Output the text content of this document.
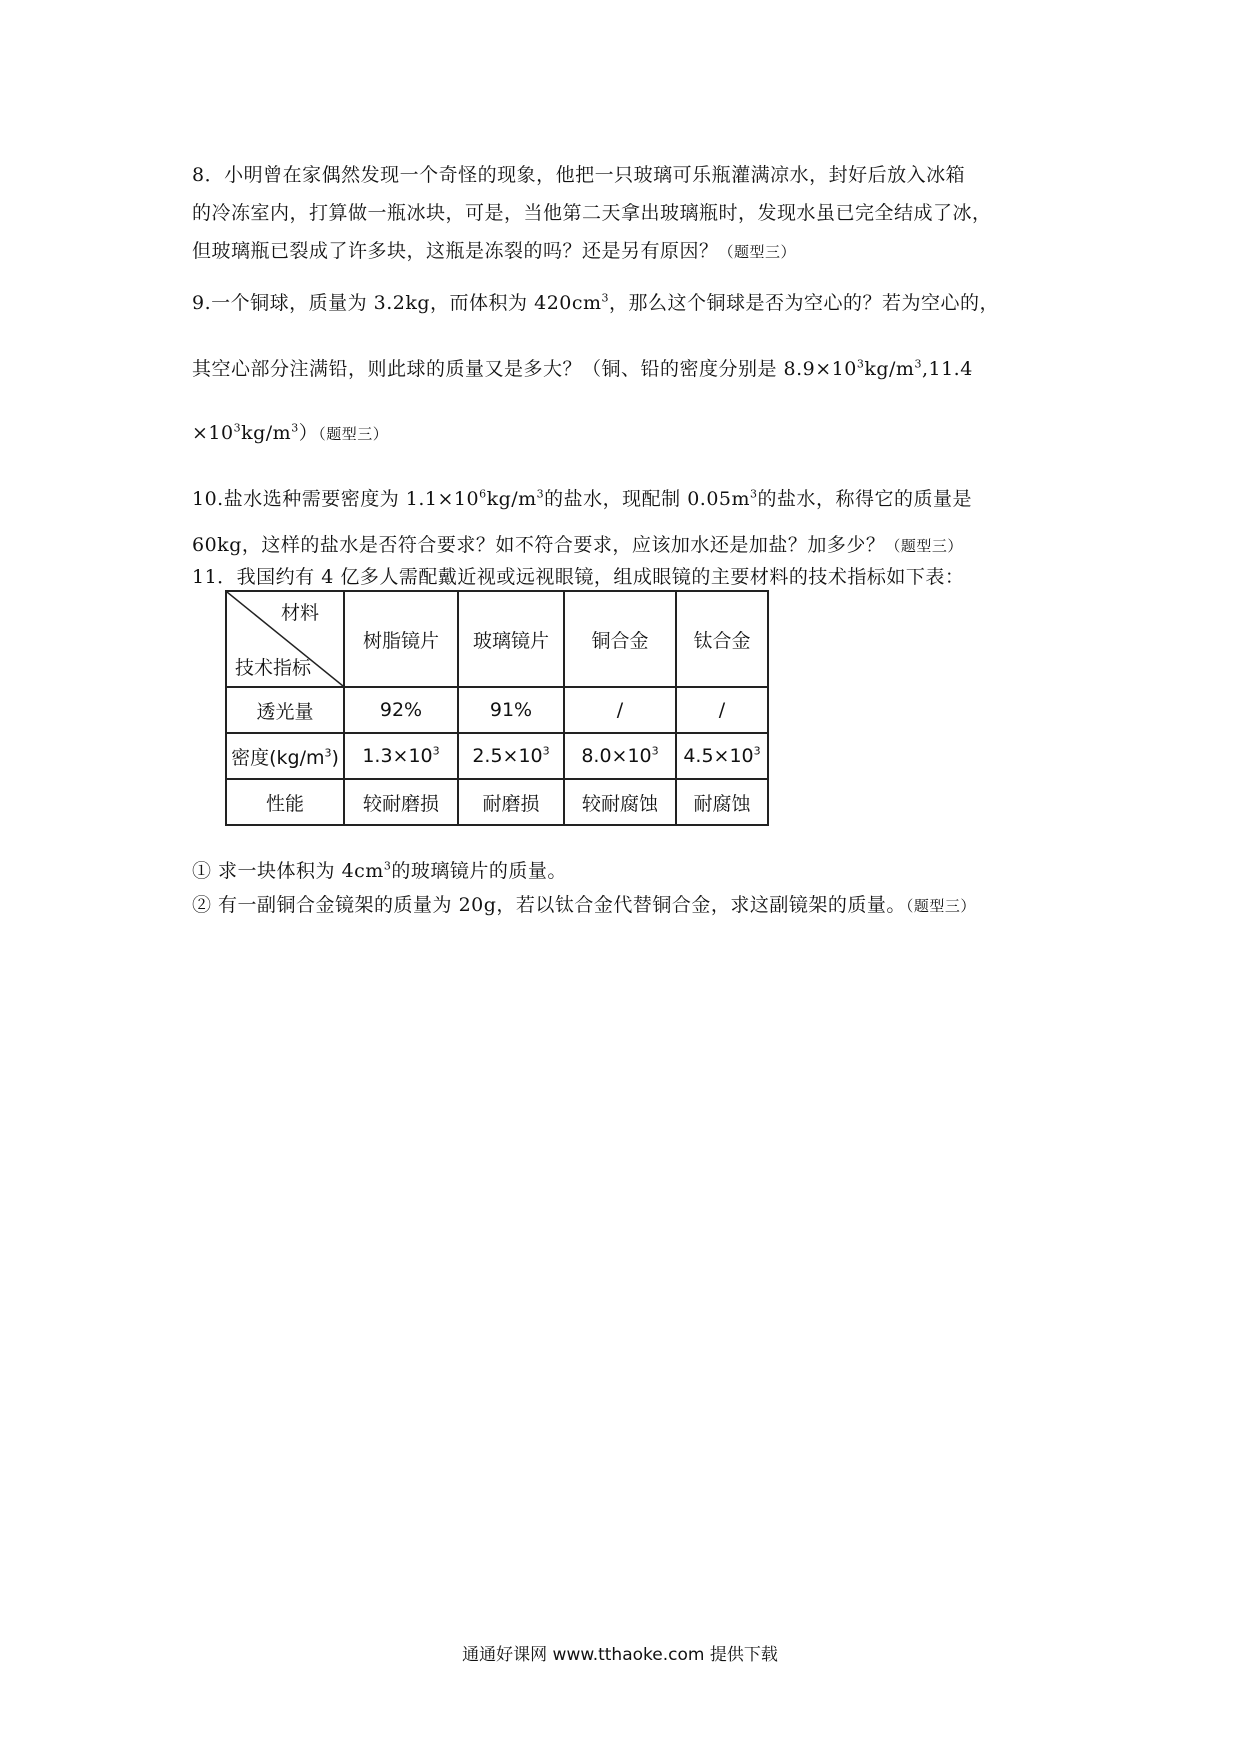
8．小明曾在家偶然发现一个奇怪的现象，他把一只玻璃可乐瓶灌满凉水，封好后放入冰箱
的冷冻室内，打算做一瓶冰块，可是，当他第二天拿出玻璃瓶时，发现水虽已完全结成了冰，
但玻璃瓶已裂成了许多块，这瓶是冻裂的吗？还是另有原因？（题型三）
9.一个铜球，质量为 3.2kg，而体积为 $420cm^3$，那么这个铜球是否为空心的？若为空心的，
其空心部分注满铅，则此球的质量又是多大？（铜、铅的密度分别是 $8.9\times 10^3kg/m^3,11.4$
$\times 10^3kg/m^3$）（题型三）
10.盐水选种需要密度为 $1.1\times 10^6kg/m^3$的盐水，现配制 $0.05m^3$的盐水，称得它的质量是
60kg，这样的盐水是否符合要求？如不符合要求，应该加水还是加盐？加多少？（题型三）
11．我国约有 4 亿多人需配戴近视或远视眼镜，组成眼镜的主要材料的技术指标如下表：
材料
技术指标	树脂镜片	玻璃镜片	铜合金	钛合金
透光量	92%	91%	/	/
密度$(kg/m^3)$	$1.3\times 10^3$	$2.5\times 10^3$	$8.0\times 10^3$	$4.5\times 10^3$
性能	较耐磨损	耐磨损	较耐腐蚀	耐腐蚀
① 求一块体积为 $4cm^3$的玻璃镜片的质量。
② 有一副铜合金镜架的质量为 20g，若以钛合金代替铜合金，求这副镜架的质量。（题型三）
通通好课网 www.tthaoke.com 提供下载
